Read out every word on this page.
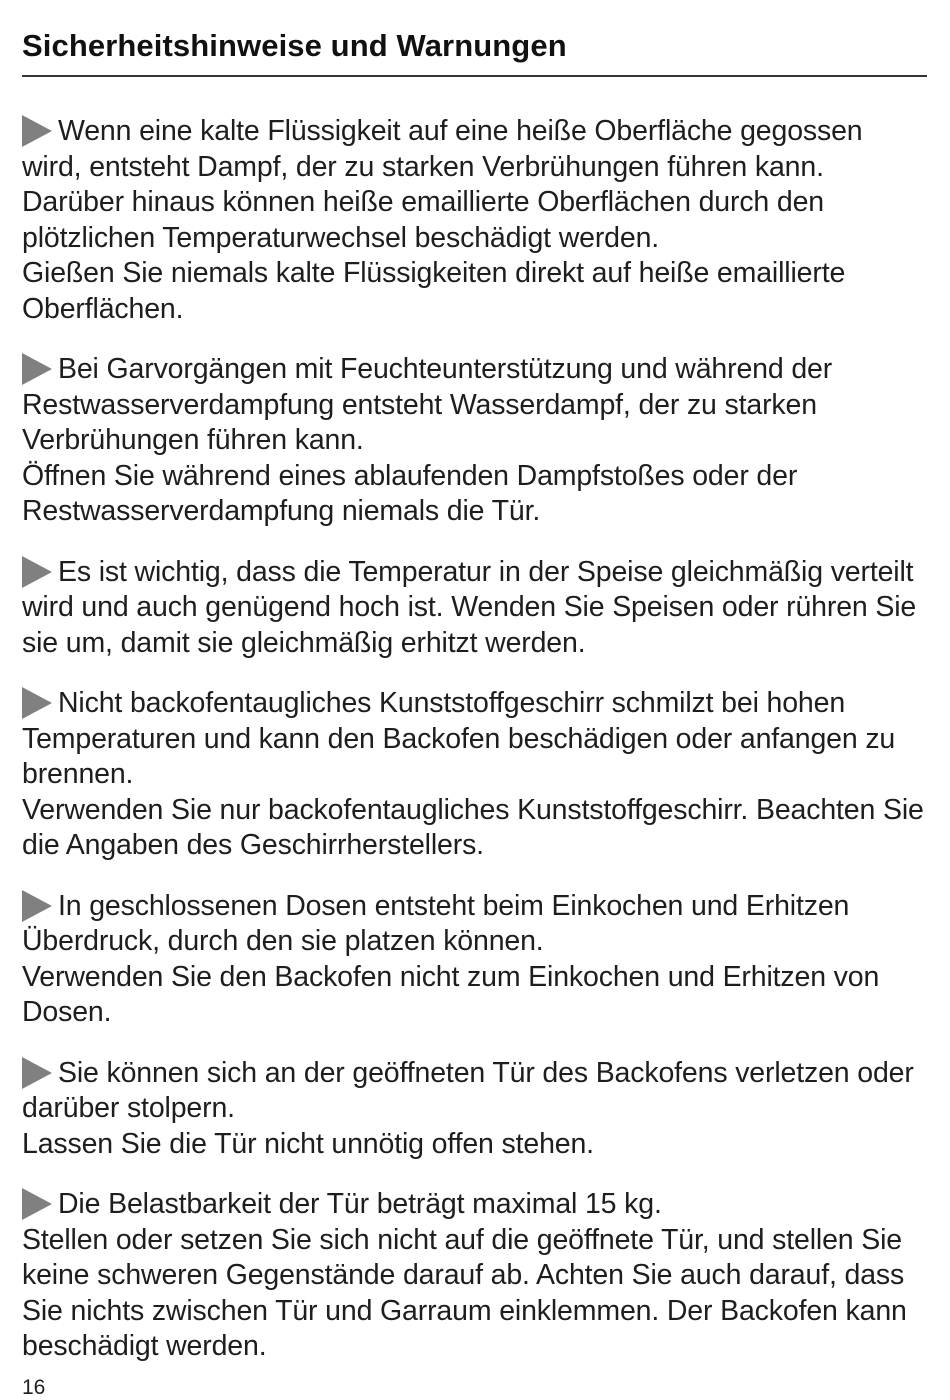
Sicherheitshinweise und Warnungen

Wenn eine kalte Flüssigkeit auf eine heiße Oberfläche gegossen wird, entsteht Dampf, der zu starken Verbrühungen führen kann. Darüber hinaus können heiße emaillierte Oberflächen durch den plötzlichen Temperaturwechsel beschädigt werden.

Gießen Sie niemals kalte Flüssigkeiten direkt auf heiße emaillierte Oberflächen.

Bei Garvorgängen mit Feuchteunterstützung und während der Restwasserverdampfung entsteht Wasserdampf, der zu starken Verbrühungen führen kann.

Öffnen Sie während eines ablaufenden Dampfstoßes oder der Restwasserverdampfung niemals die Tür.

Es ist wichtig, dass die Temperatur in der Speise gleichmäßig verteilt wird und auch genügend hoch ist. Wenden Sie Speisen oder rühren Sie sie um, damit sie gleichmäßig erhitzt werden.

Nicht backofentaugliches Kunststoffgeschirr schmilzt bei hohen Temperaturen und kann den Backofen beschädigen oder anfangen zu brennen.

Verwenden Sie nur backofentaugliches Kunststoffgeschirr. Beachten Sie die Angaben des Geschirrherstellers.

In geschlossenen Dosen entsteht beim Einkochen und Erhitzen Überdruck, durch den sie platzen können.

Verwenden Sie den Backofen nicht zum Einkochen und Erhitzen von Dosen.

Sie können sich an der geöffneten Tür des Backofens verletzen oder darüber stolpern.

Lassen Sie die Tür nicht unnötig offen stehen.

Die Belastbarkeit der Tür beträgt maximal 15 kg.

Stellen oder setzen Sie sich nicht auf die geöffnete Tür, und stellen Sie keine schweren Gegenstände darauf ab. Achten Sie auch darauf, dass Sie nichts zwischen Tür und Garraum einklemmen. Der Backofen kann beschädigt werden.

16
